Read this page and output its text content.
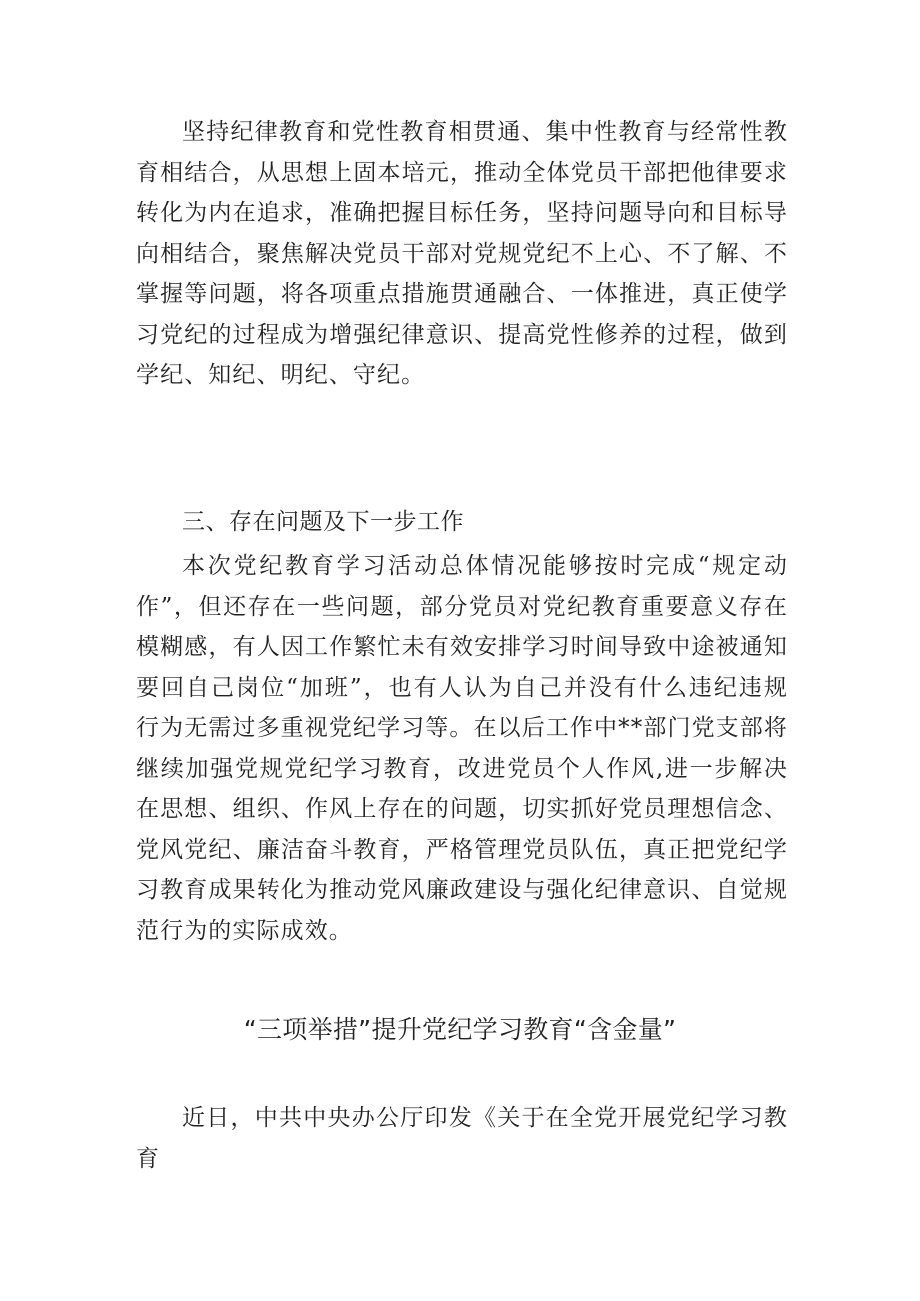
坚持纪律教育和党性教育相贯通、集中性教育与经常性教育相结合，从思想上固本培元，推动全体党员干部把他律要求转化为内在追求，准确把握目标任务，坚持问题导向和目标导向相结合，聚焦解决党员干部对党规党纪不上心、不了解、不掌握等问题，将各项重点措施贯通融合、一体推进，真正使学习党纪的过程成为增强纪律意识、提高党性修养的过程，做到学纪、知纪、明纪、守纪。

三、存在问题及下一步工作

本次党纪教育学习活动总体情况能够按时完成“规定动作”，但还存在一些问题，部分党员对党纪教育重要意义存在模糊感，有人因工作繁忙未有效安排学习时间导致中途被通知要回自己岗位“加班”，也有人认为自己并没有什么违纪违规行为无需过多重视党纪学习等。在以后工作中**部门党支部将继续加强党规党纪学习教育，改进党员个人作风,进一步解决在思想、组织、作风上存在的问题，切实抓好党员理想信念、党风党纪、廉洁奋斗教育，严格管理党员队伍，真正把党纪学习教育成果转化为推动党风廉政建设与强化纪律意识、自觉规范行为的实际成效。

“三项举措”提升党纪学习教育“含金量”

近日，中共中央办公厅印发《关于在全党开展党纪学习教育
